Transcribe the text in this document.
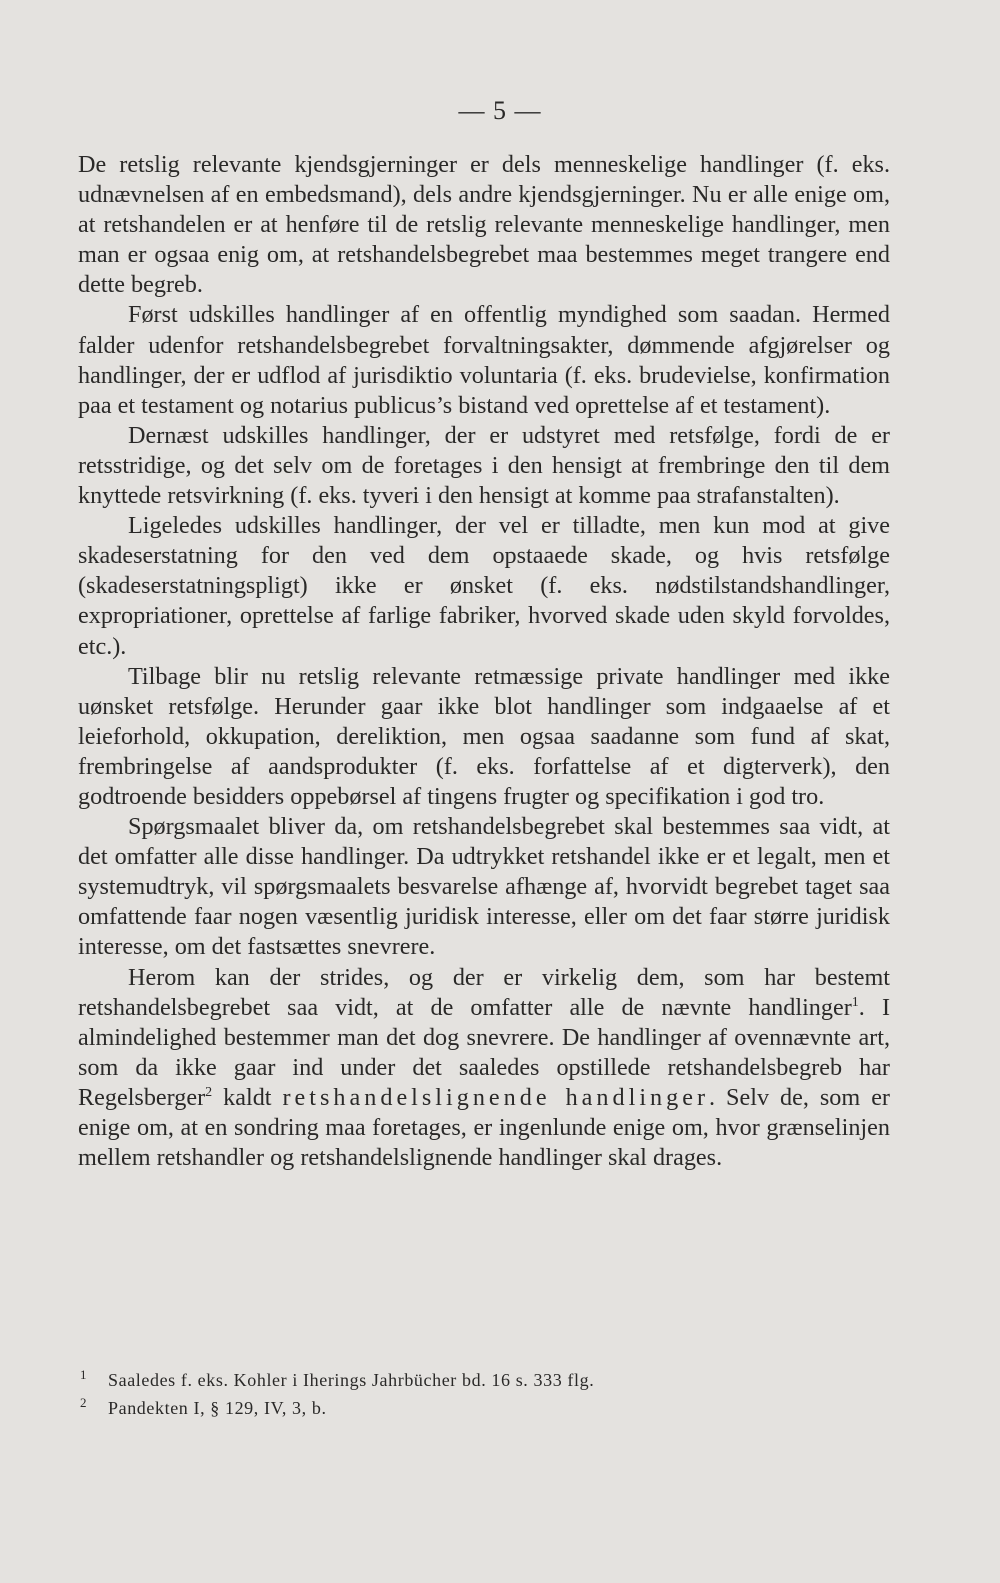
— 5 —

De retslig relevante kjendsgjerninger er dels menneskelige handlinger (f. eks. udnævnelsen af en embedsmand), dels andre kjendsgjerninger. Nu er alle enige om, at retshandelen er at henføre til de retslig relevante menneskelige handlinger, men man er ogsaa enig om, at retshandelsbegrebet maa bestemmes meget trangere end dette begreb.

Først udskilles handlinger af en offentlig myndighed som saadan. Hermed falder udenfor retshandelsbegrebet forvaltningsakter, dømmende afgjørelser og handlinger, der er udflod af jurisdiktio voluntaria (f. eks. brudevielse, konfirmation paa et testament og notarius publicus’s bistand ved oprettelse af et testament).

Dernæst udskilles handlinger, der er udstyret med retsfølge, fordi de er retsstridige, og det selv om de foretages i den hensigt at frembringe den til dem knyttede retsvirkning (f. eks. tyveri i den hensigt at komme paa strafanstalten).

Ligeledes udskilles handlinger, der vel er tilladte, men kun mod at give skadeserstatning for den ved dem opstaaede skade, og hvis retsfølge (skadeserstatningspligt) ikke er ønsket (f. eks. nødstilstandshandlinger, expropriationer, oprettelse af farlige fabriker, hvorved skade uden skyld forvoldes, etc.).

Tilbage blir nu retslig relevante retmæssige private handlinger med ikke uønsket retsfølge. Herunder gaar ikke blot handlinger som indgaaelse af et leieforhold, okkupation, dereliktion, men ogsaa saadanne som fund af skat, frembringelse af aandsprodukter (f. eks. forfattelse af et digterverk), den godtroende besidders oppebørsel af tingens frugter og specifikation i god tro.

Spørgsmaalet bliver da, om retshandelsbegrebet skal bestemmes saa vidt, at det omfatter alle disse handlinger. Da udtrykket retshandel ikke er et legalt, men et systemudtryk, vil spørgsmaalets besvarelse afhænge af, hvorvidt begrebet taget saa omfattende faar nogen væsentlig juridisk interesse, eller om det faar større juridisk interesse, om det fastsættes snevrere.

Herom kan der strides, og der er virkelig dem, som har bestemt retshandelsbegrebet saa vidt, at de omfatter alle de nævnte handlinger$^1$. I almindelighed bestemmer man det dog snevrere. De handlinger af ovennævnte art, som da ikke gaar ind under det saaledes opstillede retshandelsbegreb har Regelsberger$^2$ kaldt retshandelslignende handlinger. Selv de, som er enige om, at en sondring maa foretages, er ingenlunde enige om, hvor grænselinjen mellem retshandler og retshandelslignende handlinger skal drages.

1 Saaledes f. eks. Kohler i Iherings Jahrbücher bd. 16 s. 333 flg.

2 Pandekten I, § 129, IV, 3, b.
